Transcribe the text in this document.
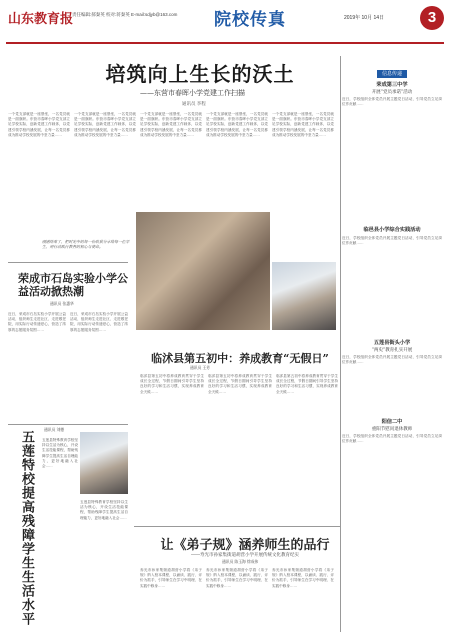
山东教育报
责任编辑:郝秦英 校对:蒋秦英 E-mail:sdjyb@163.com 院校传真	2019年 10月 14日	3
培筑向上生长的沃土
——东营市春晖小学党建工作扫描
通讯员 李程
一个党支部就是一座堡垒，一名党员就是一面旗帜。东营市春晖小学党支部立足学校实际，创新党建工作载体，以党建引领学校内涵发展，让每一名党员都成为推动学校发展的中坚力量……
一个党支部就是一座堡垒，一名党员就是一面旗帜。东营市春晖小学党支部立足学校实际，创新党建工作载体，以党建引领学校内涵发展，让每一名党员都成为推动学校发展的中坚力量……
一个党支部就是一座堡垒，一名党员就是一面旗帜。东营市春晖小学党支部立足学校实际，创新党建工作载体，以党建引领学校内涵发展，让每一名党员都成为推动学校发展的中坚力量……
一个党支部就是一座堡垒，一名党员就是一面旗帜。东营市春晖小学党支部立足学校实际，创新党建工作载体，以党建引领学校内涵发展，让每一名党员都成为推动学校发展的中坚力量……
一个党支部就是一座堡垒，一名党员就是一面旗帜。东营市春晖小学党支部立足学校实际，创新党建工作载体，以党建引领学校内涵发展，让每一名党员都成为推动学校发展的中坚力量……
刚刚结束了，把时光中的每一份收获分享给每一位学生，用行动践行教育的初心与使命。
荣成市石岛实验小学公益活动掀热潮
通讯员 张惠华
近日，荣成市石岛实验小学开展公益活动，组织师生走进社区、走进敬老院，用实际行动传递爱心，营造了浓厚的志愿服务氛围……
近日，荣成市石岛实验小学开展公益活动，组织师生走进社区、走进敬老院，用实际行动传递爱心，营造了浓厚的志愿服务氛围……
临沭县第五初中：养成教育“无假日”
通讯员 王芳
临沭县第五初中将养成教育贯穿于学生成长全过程，节假日期间引导学生坚持良好的学习和生活习惯，实现养成教育全天候……
临沭县第五初中将养成教育贯穿于学生成长全过程，节假日期间引导学生坚持良好的学习和生活习惯，实现养成教育全天候……
临沭县第五初中将养成教育贯穿于学生成长全过程，节假日期间引导学生坚持良好的学习和生活习惯，实现养成教育全天候……
五莲特校提高残障学生生活水平	通讯员 刘德
五莲县特殊教育学校坚持以生活为核心，开设生活技能课程，帮助残障学生提高生活自理能力，更好地融入社会……
五莲县特殊教育学校坚持以生活为核心，开设生活技能课程，帮助残障学生提高生活自理能力，更好地融入社会……
让《弟子规》涵养师生的品行
——寿光市孙家集街道胡营小学开展传统文化教育纪实
通讯员 陈玉海 徐成伟
寿光市孙家集街道胡营小学将《弟子规》纳入校本课程，以诵读、践行、评价为抓手，引导师生在学习中明理、在实践中修身……
寿光市孙家集街道胡营小学将《弟子规》纳入校本课程，以诵读、践行、评价为抓手，引导师生在学习中明理、在实践中修身……
寿光市孙家集街道胡营小学将《弟子规》纳入校本课程，以诵读、践行、评价为抓手，引导师生在学习中明理、在实践中修身……
信息传递
荣成第三中学
开展“党员承诺”活动
近日，学校组织全体党员开展主题党日活动，引导党员立足岗位作贡献……
临邑县小学综合实践活动
近日，学校组织全体党员开展主题党日活动，引导党员立足岗位作贡献……
五莲县街头小学
“两史”教育扎实开展
近日，学校组织全体党员开展主题党日活动，引导党员立足岗位作贡献……
阳信二中
重阳节慰问退休教师
近日，学校组织全体党员开展主题党日活动，引导党员立足岗位作贡献……
